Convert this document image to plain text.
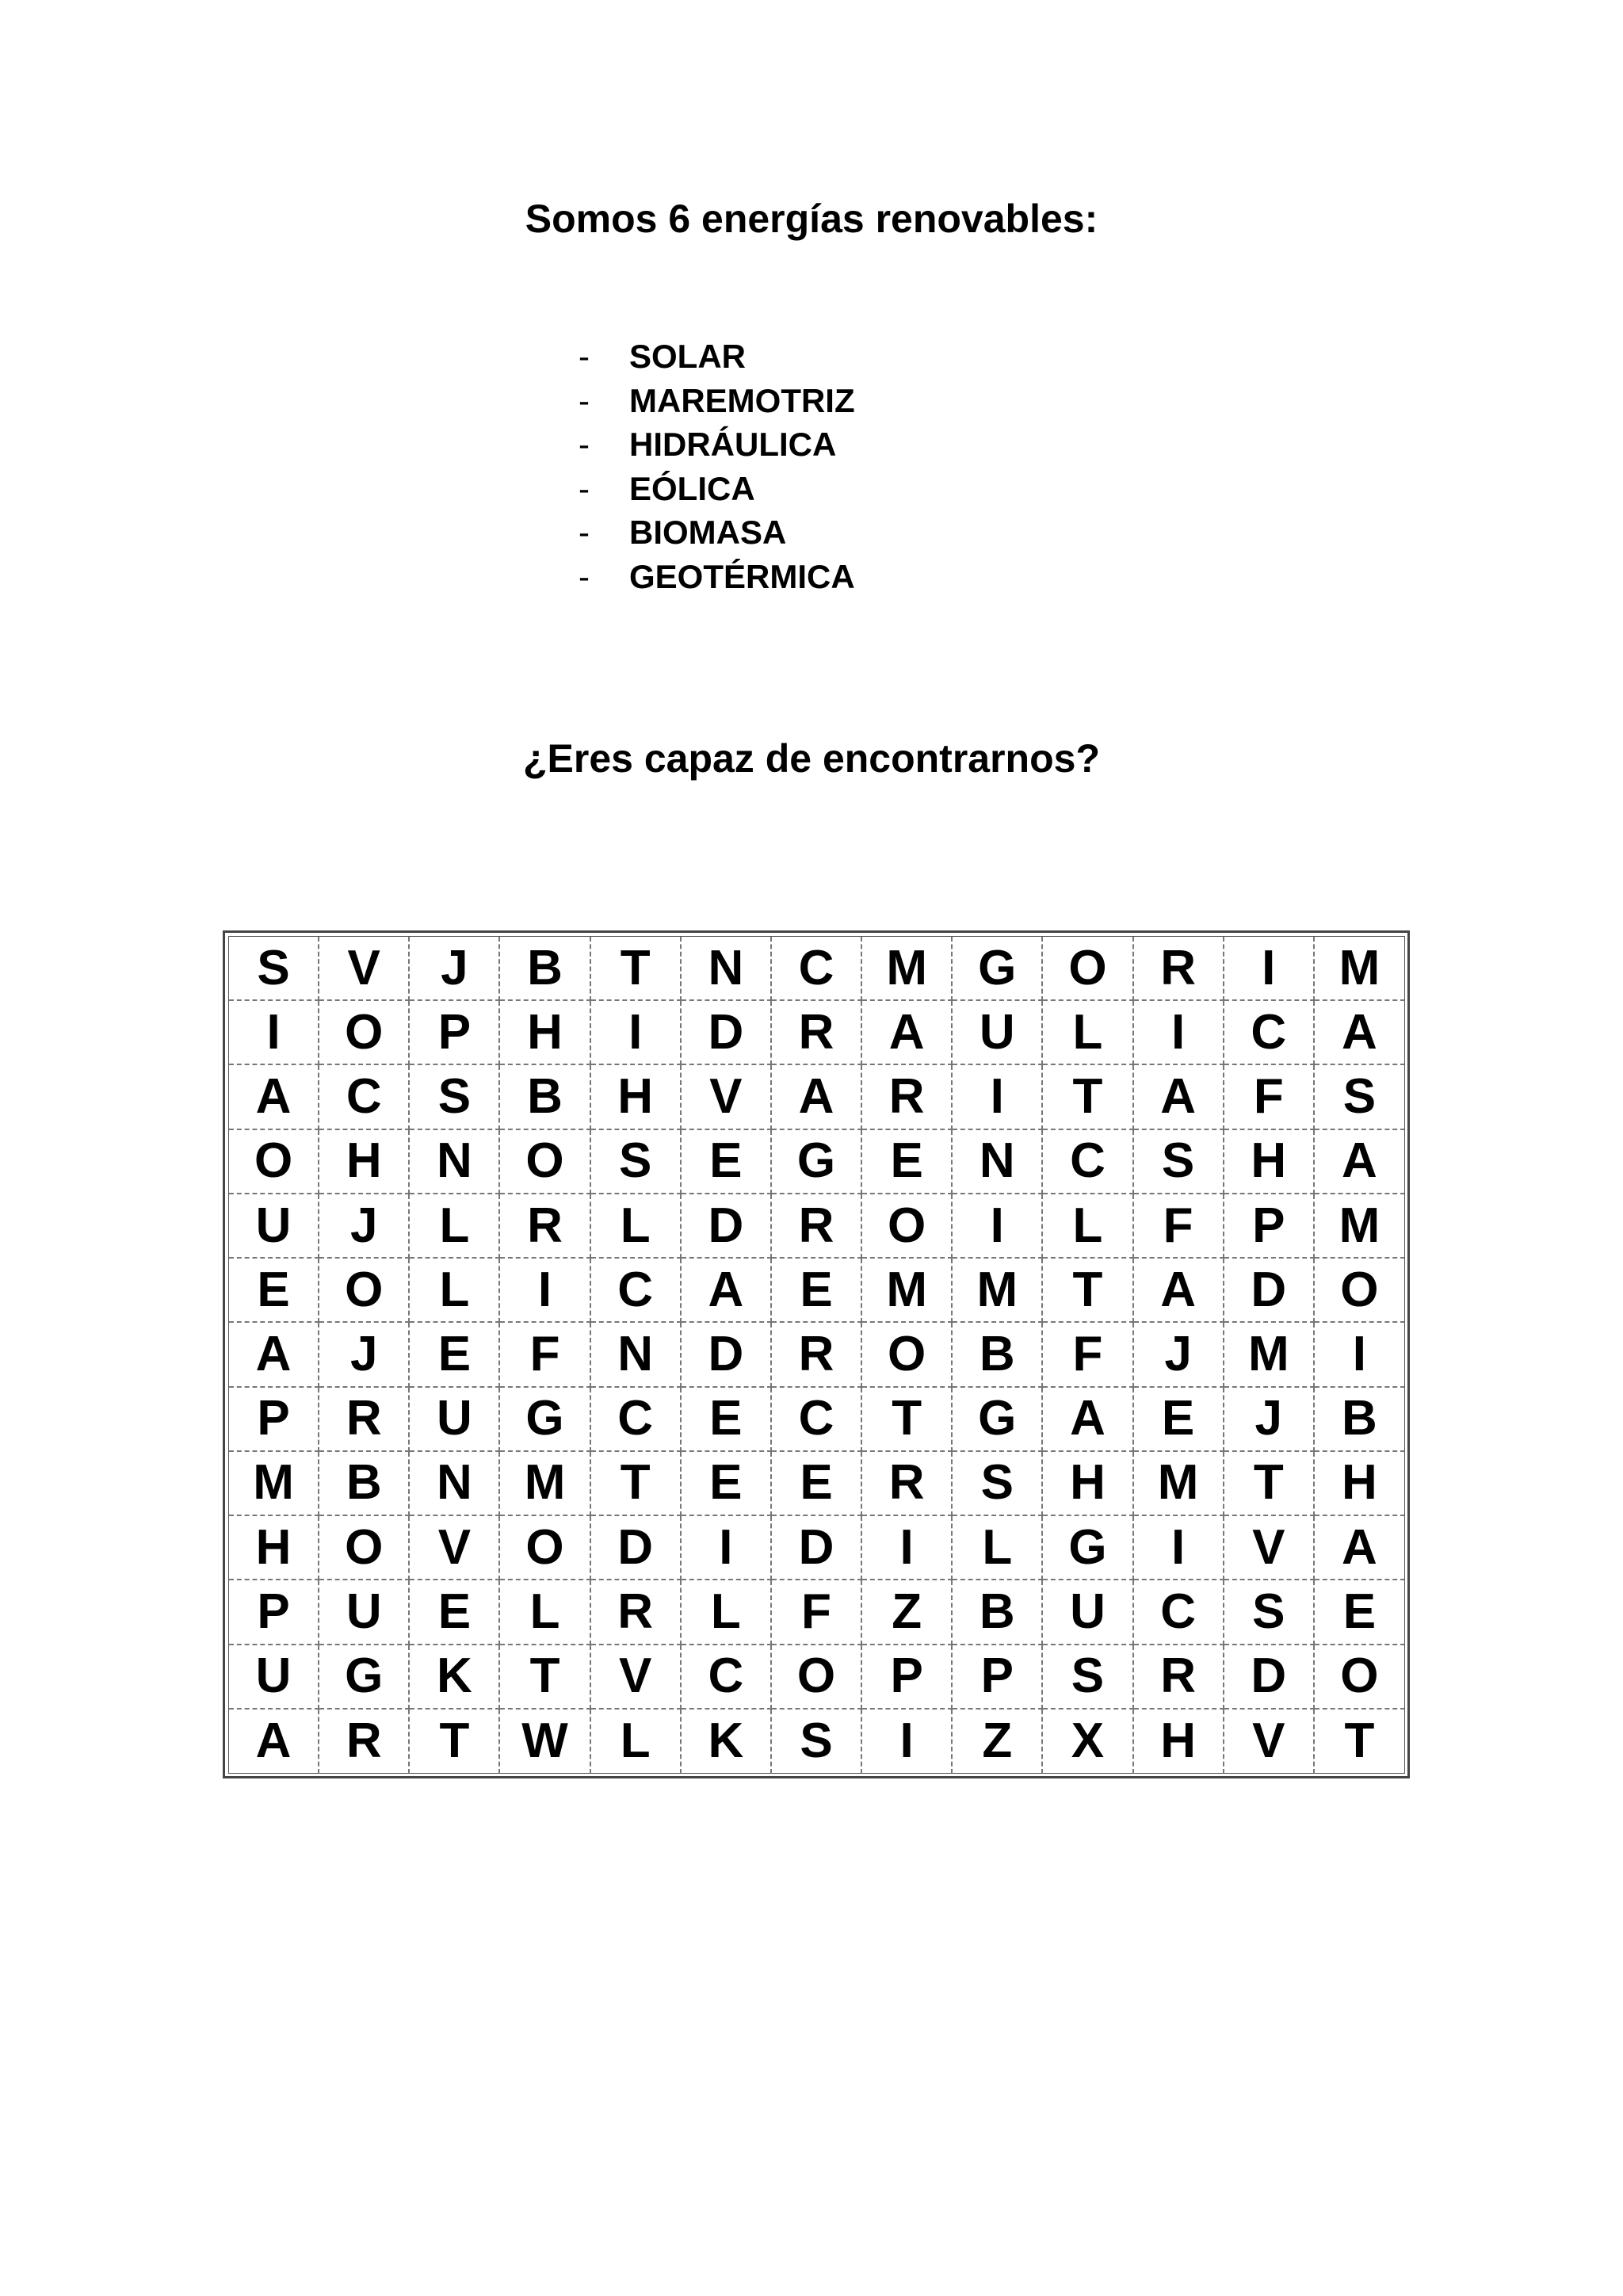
Somos 6 energías renovables:
-	SOLAR
-	MAREMOTRIZ
-	HIDRÁULICA
-	EÓLICA
-	BIOMASA
-	GEOTÉRMICA
¿Eres capaz de encontrarnos?
S	V	J	B	T	N	C	M	G	O	R	I	M
I	O	P	H	I	D	R	A	U	L	I	C	A
A	C	S	B	H	V	A	R	I	T	A	F	S
O	H	N	O	S	E	G	E	N	C	S	H	A
U	J	L	R	L	D	R	O	I	L	F	P	M
E	O	L	I	C	A	E	M	M	T	A	D	O
A	J	E	F	N	D	R	O	B	F	J	M	I
P	R	U	G	C	E	C	T	G	A	E	J	B
M	B	N	M	T	E	E	R	S	H	M	T	H
H	O	V	O	D	I	D	I	L	G	I	V	A
P	U	E	L	R	L	F	Z	B	U	C	S	E
U	G	K	T	V	C	O	P	P	S	R	D	O
A	R	T	W	L	K	S	I	Z	X	H	V	T
